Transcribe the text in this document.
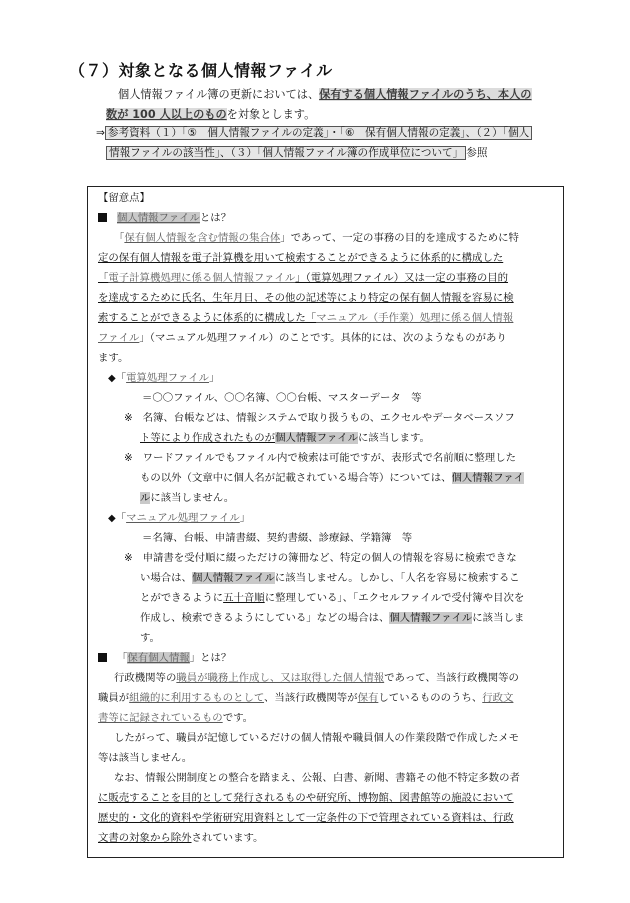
（７）対象となる個人情報ファイル
個人情報ファイル簿の更新においては、保有する個人情報ファイルのうち、本人の
数が 100 人以上のものを対象とします。
⇒ 参考資料（１）「⑤　個人情報ファイルの定義」・「⑥　保有個人情報の定義」、（２）「個人
情報ファイルの該当性」、（３）「個人情報ファイル簿の作成単位について」 参照
【留意点】
個人情報ファイルとは？
「保有個人情報を含む情報の集合体」であって、一定の事務の目的を達成するために特
定の保有個人情報を電子計算機を用いて検索することができるように体系的に構成した
「電子計算機処理に係る個人情報ファイル」（電算処理ファイル）又は一定の事務の目的
を達成するために氏名、生年月日、その他の記述等により特定の保有個人情報を容易に検
索することができるように体系的に構成した「マニュアル（手作業）処理に係る個人情報
ファイル」（マニュアル処理ファイル）のことです。具体的には、次のようなものがあり
ます。
◆「電算処理ファイル」
＝〇〇ファイル、〇〇名簿、〇〇台帳、マスターデータ　等
※ 名簿、台帳などは、情報システムで取り扱うもの、エクセルやデータベースソフ
ト等により作成されたものが個人情報ファイルに該当します。
※ ワードファイルでもファイル内で検索は可能ですが、表形式で名前順に整理した
もの以外（文章中に個人名が記載されている場合等）については、個人情報ファイ
ルに該当しません。
◆「マニュアル処理ファイル」
＝名簿、台帳、申請書綴、契約書綴、診療録、学籍簿　等
※ 申請書を受付順に綴っただけの簿冊など、特定の個人の情報を容易に検索できな
い場合は、個人情報ファイルに該当しません。しかし、「人名を容易に検索するこ
とができるように五十音順に整理している」、「エクセルファイルで受付簿や目次を
作成し、検索できるようにしている」などの場合は、個人情報ファイルに該当しま
す。
「保有個人情報」とは？
行政機関等の職員が職務上作成し、又は取得した個人情報であって、当該行政機関等の
職員が組織的に利用するものとして、当該行政機関等が保有しているもののうち、行政文
書等に記録されているものです。
したがって、職員が記憶しているだけの個人情報や職員個人の作業段階で作成したメモ
等は該当しません。
なお、情報公開制度との整合を踏まえ、公報、白書、新聞、書籍その他不特定多数の者
に販売することを目的として発行されるものや研究所、博物館、図書館等の施設において
歴史的・文化的資料や学術研究用資料として一定条件の下で管理されている資料は、行政
文書の対象から除外されています。
